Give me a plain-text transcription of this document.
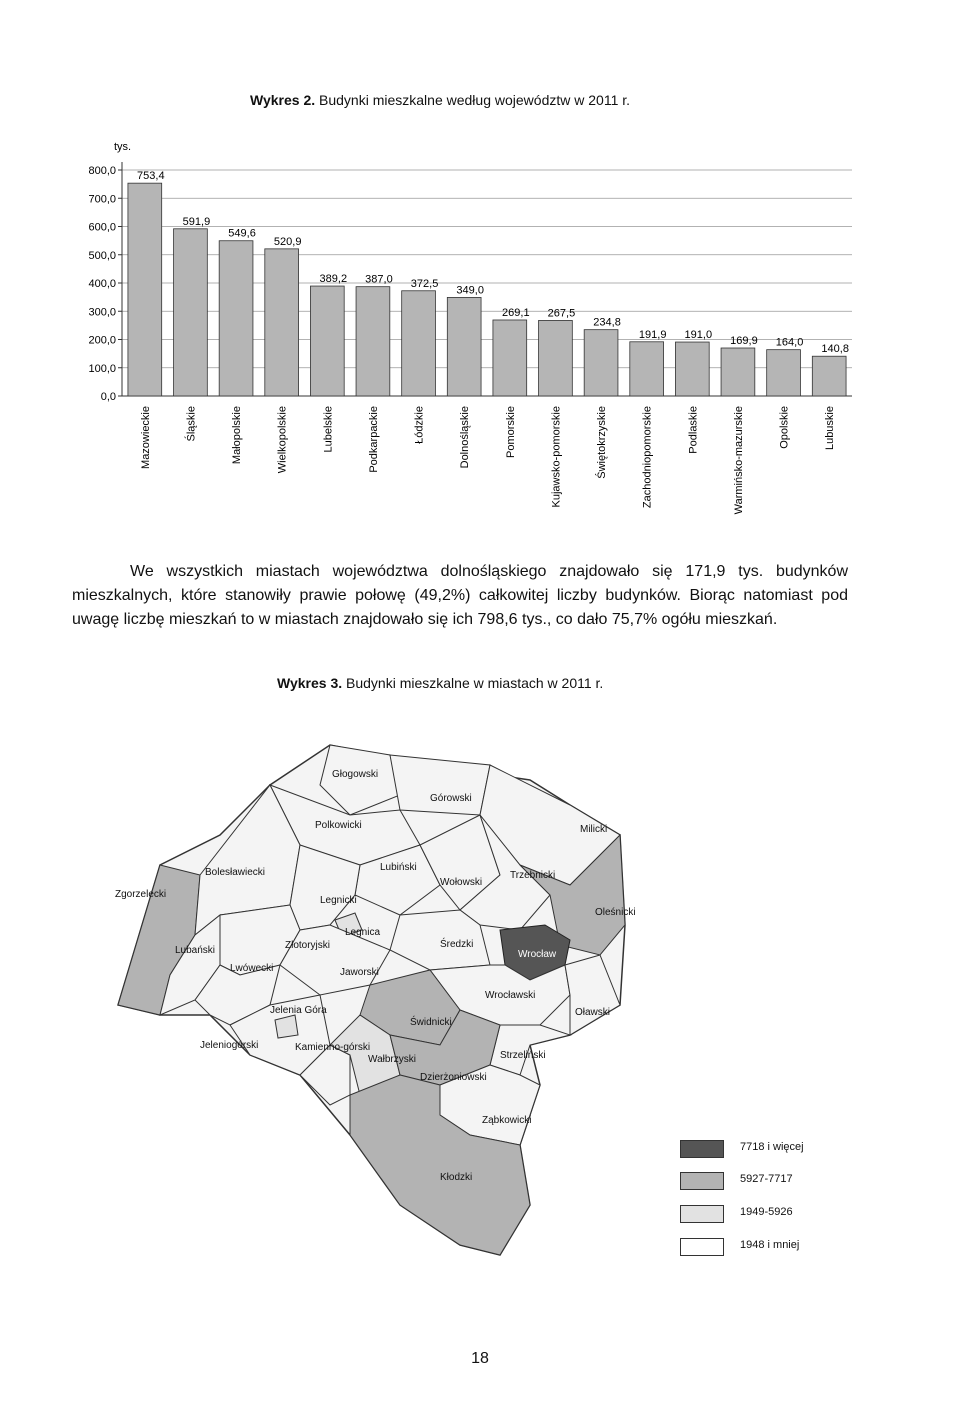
Wykres 2. Budynki mieszkalne według województw w 2011 r.
tys.
0,0
100,0
200,0
300,0
400,0
500,0
600,0
700,0
800,0 753,4
Mazowieckie
591,9
Śląskie
549,6
Małopolskie
520,9
Wielkopolskie
389,2
Lubelskie
387,0
Podkarpackie
372,5
Łódzkie
349,0
Dolnośląskie
269,1
Pomorskie
267,5
Kujawsko-pomorskie
234,8
Świętokrzyskie
191,9
Zachodniopomorskie
191,0
Podlaskie
169,9
Warmińsko-mazurskie
164,0
Opolskie
140,8
Lubuskie
We wszystkich miastach województwa dolnośląskiego znajdowało się 171,9 tys. budynków mieszkalnych, które stanowiły prawie połowę (49,2%) całkowitej liczby budynków. Biorąc natomiast pod uwagę liczbę mieszkań to w miastach znajdowało się ich 798,6 tys., co dało 75,7% ogółu mieszkań.
Wykres 3. Budynki mieszkalne w miastach w 2011 r.
Głogowski
Górowski
Polkowicki	Milicki
Bolesławiecki	Lubiński
Wołowski
Trzebnicki
Zgorzelecki
Legnicki
Oleśnicki
Legnica
Lubański	Złotoryjski	Średzki
Wrocław
Lwówecki	Jaworski
Wrocławski
Oławski
Jelenia Góra
Świdnicki
Jeleniogórski	Kamienno-górski
Wałbrzyski	Strzeliński
Dzierżoniowski
Ząbkowicki
Kłodzki
7718 i więcej
5927-7717
1949-5926
1948 i mniej
18
